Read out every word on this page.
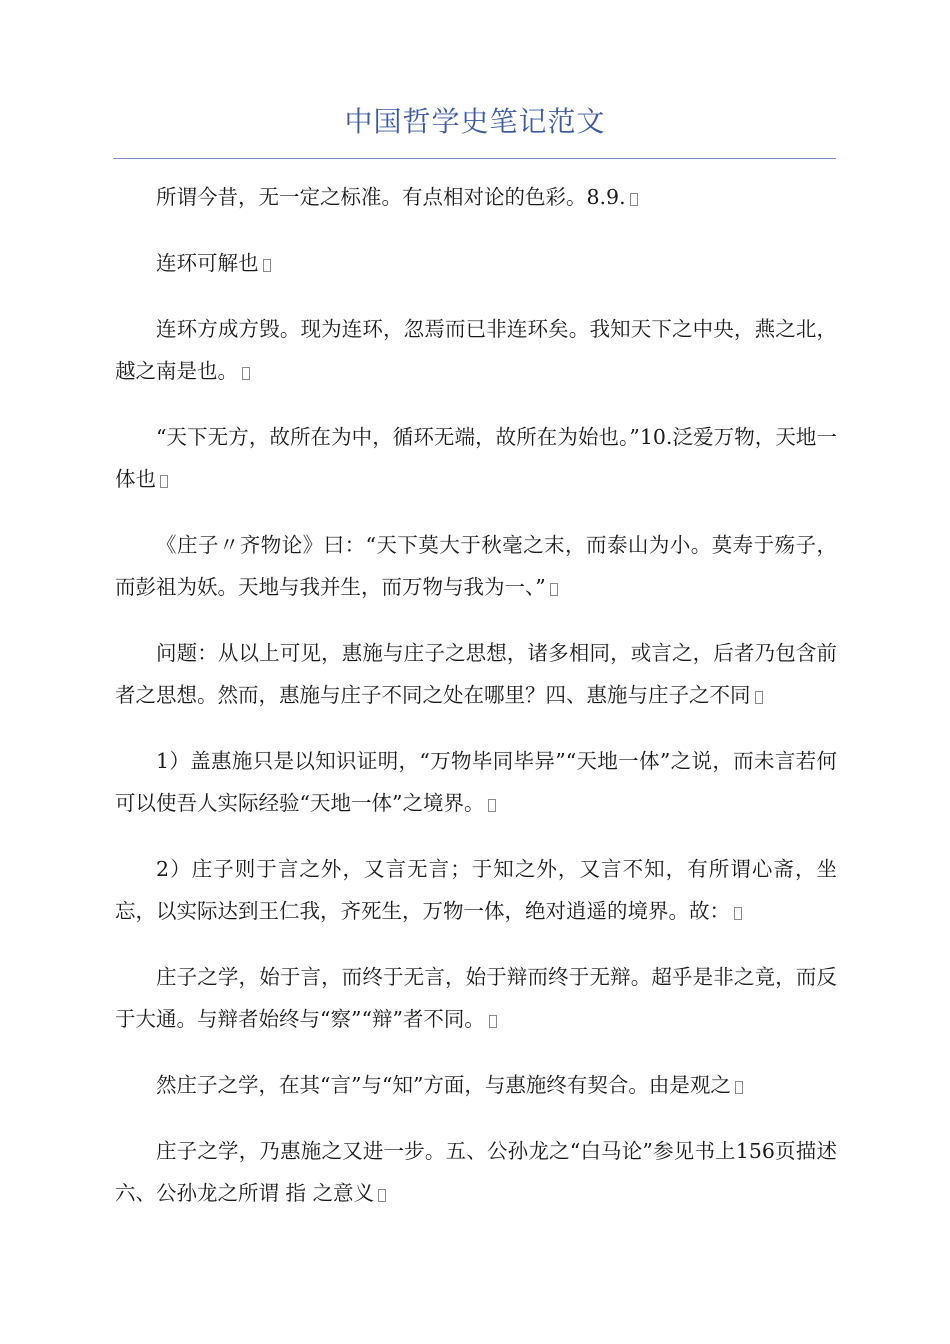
中国哲学史笔记范文

所谓今昔，无一定之标准。有点相对论的色彩。8.9.

连环可解也

连环方成方毁。现为连环，忽焉而已非连环矣。我知天下之中央，燕之北，越之南是也。

“天下无方，故所在为中，循环无端，故所在为始也。”10.泛爱万物，天地一体也

《庄子〃齐物论》曰：“天下莫大于秋毫之末，而泰山为小。莫寿于殇子，而彭祖为妖。天地与我并生，而万物与我为一、”

问题：从以上可见，惠施与庄子之思想，诸多相同，或言之，后者乃包含前者之思想。然而，惠施与庄子不同之处在哪里？四、惠施与庄子之不同

1）盖惠施只是以知识证明，“万物毕同毕异”“天地一体”之说，而未言若何可以使吾人实际经验“天地一体”之境界。

2）庄子则于言之外，又言无言；于知之外，又言不知，有所谓心斋，坐忘，以实际达到王仁我，齐死生，万物一体，绝对逍遥的境界。故：

庄子之学，始于言，而终于无言，始于辩而终于无辩。超乎是非之竟，而反于大通。与辩者始终与“察”“辩”者不同。

然庄子之学，在其“言”与“知”方面，与惠施终有契合。由是观之

庄子之学，乃惠施之又进一步。五、公孙龙之“白马论”参见书上156页描述六、公孙龙之所谓 指 之意义
